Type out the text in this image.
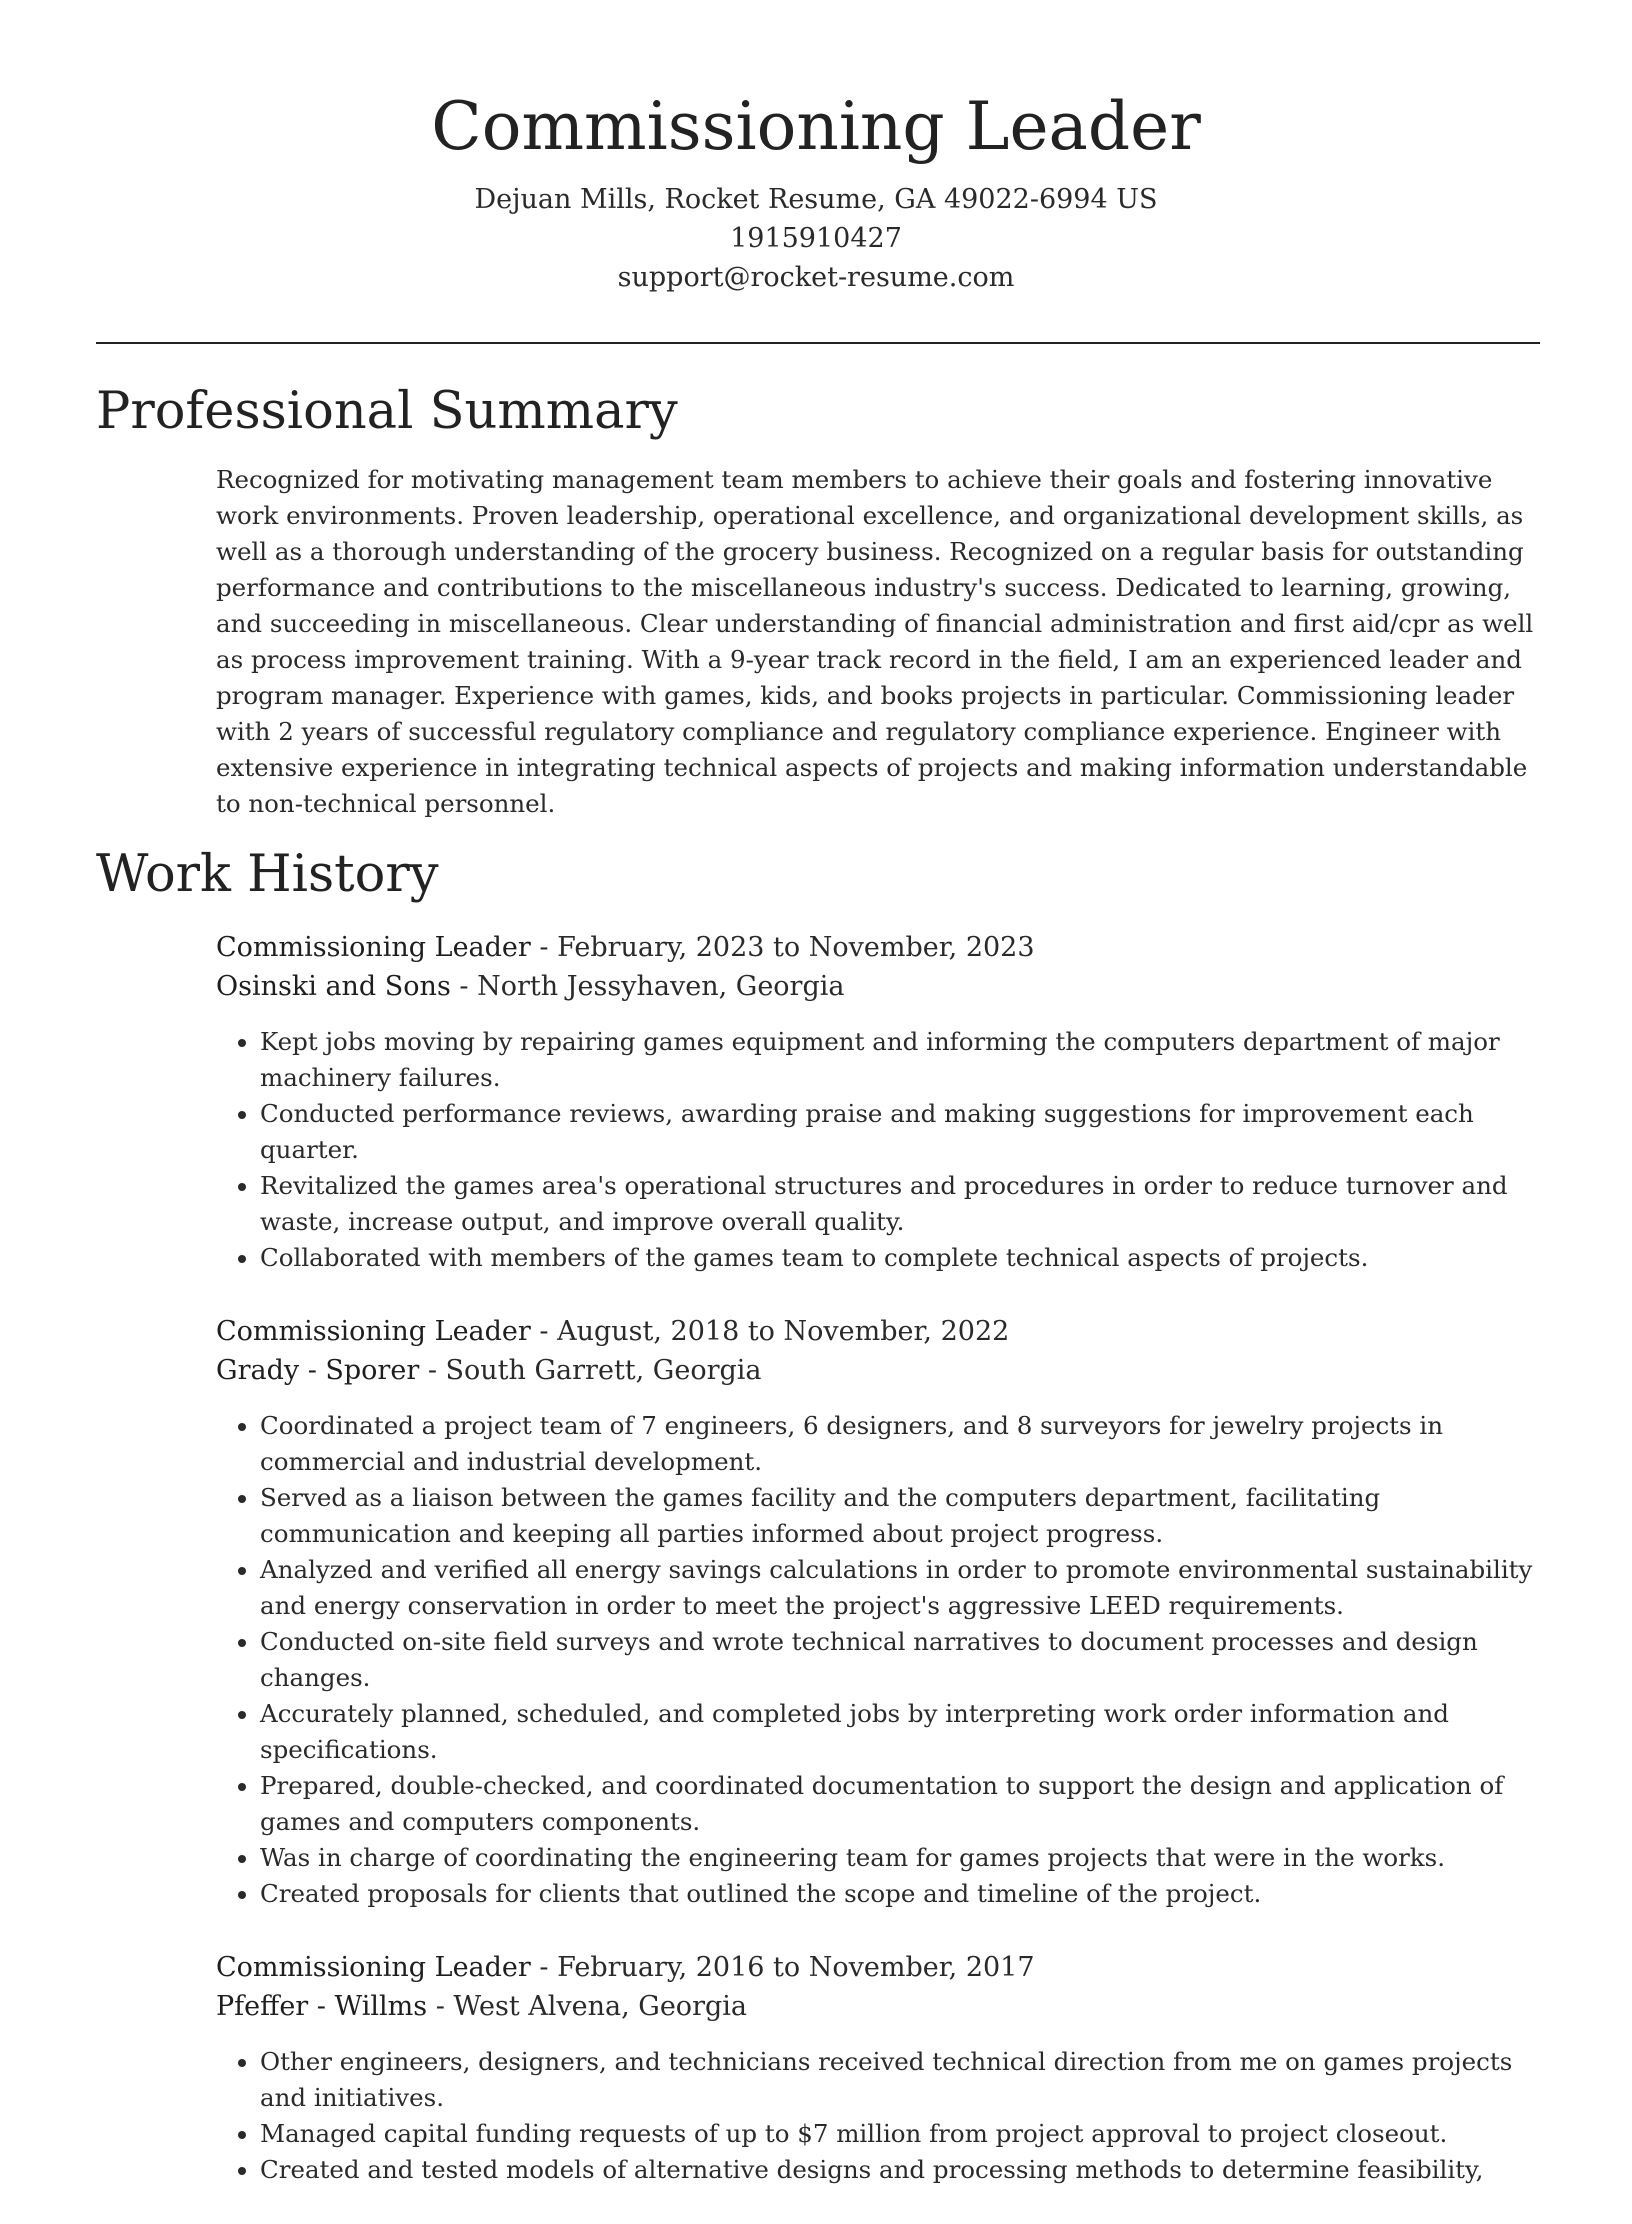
Commissioning Leader
Dejuan Mills, Rocket Resume, GA 49022-6994 US
1915910427
support@rocket-resume.com
Professional Summary

Recognized for motivating management team members to achieve their goals and fostering innovative work environments. Proven leadership, operational excellence, and organizational development skills, as well as a thorough understanding of the grocery business. Recognized on a regular basis for outstanding performance and contributions to the miscellaneous industry's success. Dedicated to learning, growing, and succeeding in miscellaneous. Clear understanding of financial administration and first aid/cpr as well as process improvement training. With a 9-year track record in the field, I am an experienced leader and program manager. Experience with games, kids, and books projects in particular. Commissioning leader with 2 years of successful regulatory compliance and regulatory compliance experience. Engineer with extensive experience in integrating technical aspects of projects and making information understandable to non-technical personnel.

Work History
Commissioning Leader - February, 2023 to November, 2023
Osinski and Sons - North Jessyhaven, Georgia
• Kept jobs moving by repairing games equipment and informing the computers department of major machinery failures.
• Conducted performance reviews, awarding praise and making suggestions for improvement each quarter.
• Revitalized the games area's operational structures and procedures in order to reduce turnover and waste, increase output, and improve overall quality.
• Collaborated with members of the games team to complete technical aspects of projects.
Commissioning Leader - August, 2018 to November, 2022
Grady - Sporer - South Garrett, Georgia
• Coordinated a project team of 7 engineers, 6 designers, and 8 surveyors for jewelry projects in commercial and industrial development.
• Served as a liaison between the games facility and the computers department, facilitating communication and keeping all parties informed about project progress.
• Analyzed and verified all energy savings calculations in order to promote environmental sustainability and energy conservation in order to meet the project's aggressive LEED requirements.
• Conducted on-site field surveys and wrote technical narratives to document processes and design changes.
• Accurately planned, scheduled, and completed jobs by interpreting work order information and specifications.
• Prepared, double-checked, and coordinated documentation to support the design and application of games and computers components.
• Was in charge of coordinating the engineering team for games projects that were in the works.
• Created proposals for clients that outlined the scope and timeline of the project.
Commissioning Leader - February, 2016 to November, 2017
Pfeffer - Willms - West Alvena, Georgia
• Other engineers, designers, and technicians received technical direction from me on games projects and initiatives.
• Managed capital funding requests of up to $7 million from project approval to project closeout.
• Created and tested models of alternative designs and processing methods to determine feasibility,
